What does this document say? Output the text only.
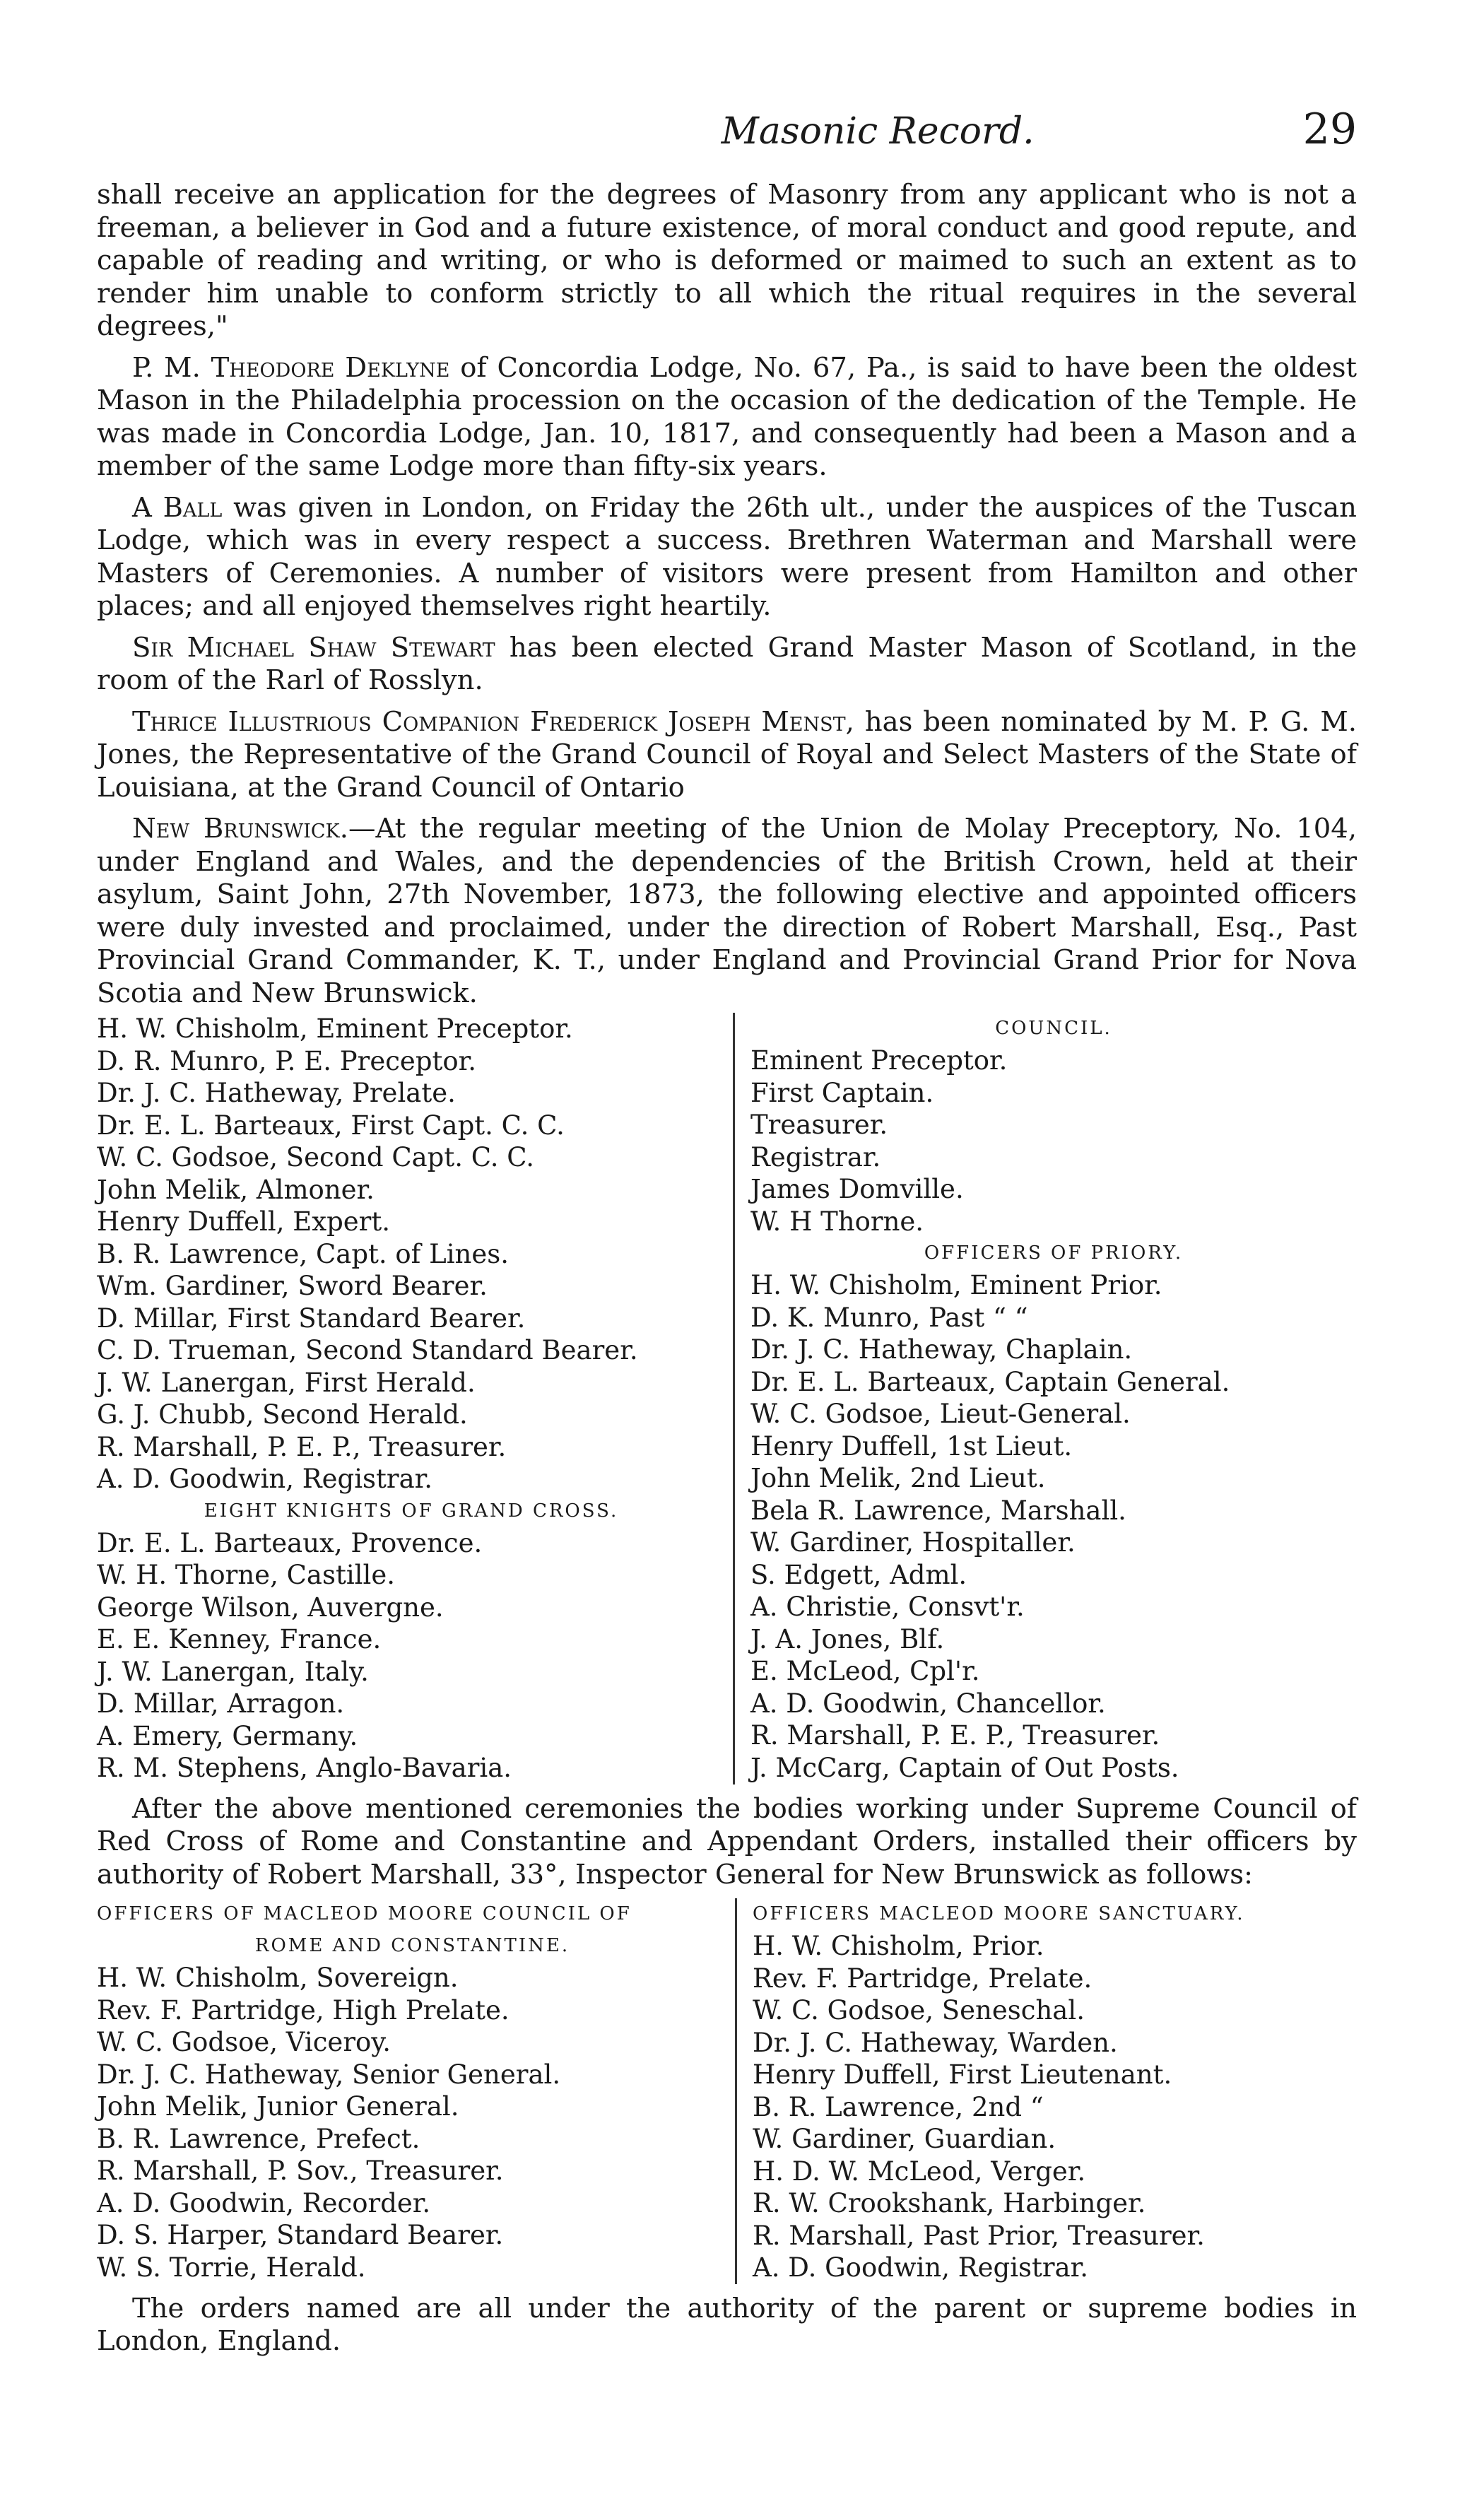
Masonic Record.	29

shall receive an application for the degrees of Masonry from any applicant who is not a freeman, a believer in God and a future existence, of moral conduct and good repute, and capable of reading and writing, or who is deformed or maimed to such an extent as to render him unable to conform strictly to all which the ritual requires in the several degrees,"

P. M. Theodore Deklyne of Concordia Lodge, No. 67, Pa., is said to have been the oldest Mason in the Philadelphia procession on the occasion of the dedication of the Temple. He was made in Concordia Lodge, Jan. 10, 1817, and consequently had been a Mason and a member of the same Lodge more than fifty-six years.

A Ball was given in London, on Friday the 26th ult., under the auspices of the Tuscan Lodge, which was in every respect a success. Brethren Waterman and Marshall were Masters of Ceremonies. A number of visitors were present from Hamilton and other places; and all enjoyed themselves right heartily.

Sir Michael Shaw Stewart has been elected Grand Master Mason of Scotland, in the room of the Rarl of Rosslyn.

Thrice Illustrious Companion Frederick Joseph Menst, has been nominated by M. P. G. M. Jones, the Representative of the Grand Council of Royal and Select Masters of the State of Louisiana, at the Grand Council of Ontario

New Brunswick.—At the regular meeting of the Union de Molay Preceptory, No. 104, under England and Wales, and the dependencies of the British Crown, held at their asylum, Saint John, 27th November, 1873, the following elective and appointed officers were duly invested and proclaimed, under the direction of Robert Marshall, Esq., Past Provincial Grand Commander, K. T., under England and Provincial Grand Prior for Nova Scotia and New Brunswick.

H. W. Chisholm, Eminent Preceptor.
D. R. Munro, P. E. Preceptor.
Dr. J. C. Hatheway, Prelate.
Dr. E. L. Barteaux, First Capt. C. C.
W. C. Godsoe, Second Capt. C. C.
John Melik, Almoner.
Henry Duffell, Expert.
B. R. Lawrence, Capt. of Lines.
Wm. Gardiner, Sword Bearer.
D. Millar, First Standard Bearer.
C. D. Trueman, Second Standard Bearer.
J. W. Lanergan, First Herald.
G. J. Chubb, Second Herald.
R. Marshall, P. E. P., Treasurer.
A. D. Goodwin, Registrar.
EIGHT KNIGHTS OF GRAND CROSS.
Dr. E. L. Barteaux, Provence.
W. H. Thorne, Castille.
George Wilson, Auvergne.
E. E. Kenney, France.
J. W. Lanergan, Italy.
D. Millar, Arragon.
A. Emery, Germany.
R. M. Stephens, Anglo-Bavaria.
COUNCIL.
Eminent Preceptor.
First Captain.
Treasurer.
Registrar.
James Domville.
W. H Thorne.
OFFICERS OF PRIORY.
H. W. Chisholm, Eminent Prior.
D. K. Munro, Past “ “
Dr. J. C. Hatheway, Chaplain.
Dr. E. L. Barteaux, Captain General.
W. C. Godsoe, Lieut-General.
Henry Duffell, 1st Lieut.
John Melik, 2nd Lieut.
Bela R. Lawrence, Marshall.
W. Gardiner, Hospitaller.
S. Edgett, Adml.
A. Christie, Consvt'r.
J. A. Jones, Blf.
E. McLeod, Cpl'r.
A. D. Goodwin, Chancellor.
R. Marshall, P. E. P., Treasurer.
J. McCarg, Captain of Out Posts.

After the above mentioned ceremonies the bodies working under Supreme Council of Red Cross of Rome and Constantine and Appendant Orders, installed their officers by authority of Robert Marshall, 33°, Inspector General for New Brunswick as follows:

OFFICERS OF MACLEOD MOORE COUNCIL OF
ROME AND CONSTANTINE.
H. W. Chisholm, Sovereign.
Rev. F. Partridge, High Prelate.
W. C. Godsoe, Viceroy.
Dr. J. C. Hatheway, Senior General.
John Melik, Junior General.
B. R. Lawrence, Prefect.
R. Marshall, P. Sov., Treasurer.
A. D. Goodwin, Recorder.
D. S. Harper, Standard Bearer.
W. S. Torrie, Herald.
OFFICERS MACLEOD MOORE SANCTUARY.
H. W. Chisholm, Prior.
Rev. F. Partridge, Prelate.
W. C. Godsoe, Seneschal.
Dr. J. C. Hatheway, Warden.
Henry Duffell, First Lieutenant.
B. R. Lawrence, 2nd “
W. Gardiner, Guardian.
H. D. W. McLeod, Verger.
R. W. Crookshank, Harbinger.
R. Marshall, Past Prior, Treasurer.
A. D. Goodwin, Registrar.

The orders named are all under the authority of the parent or supreme bodies in London, England.
